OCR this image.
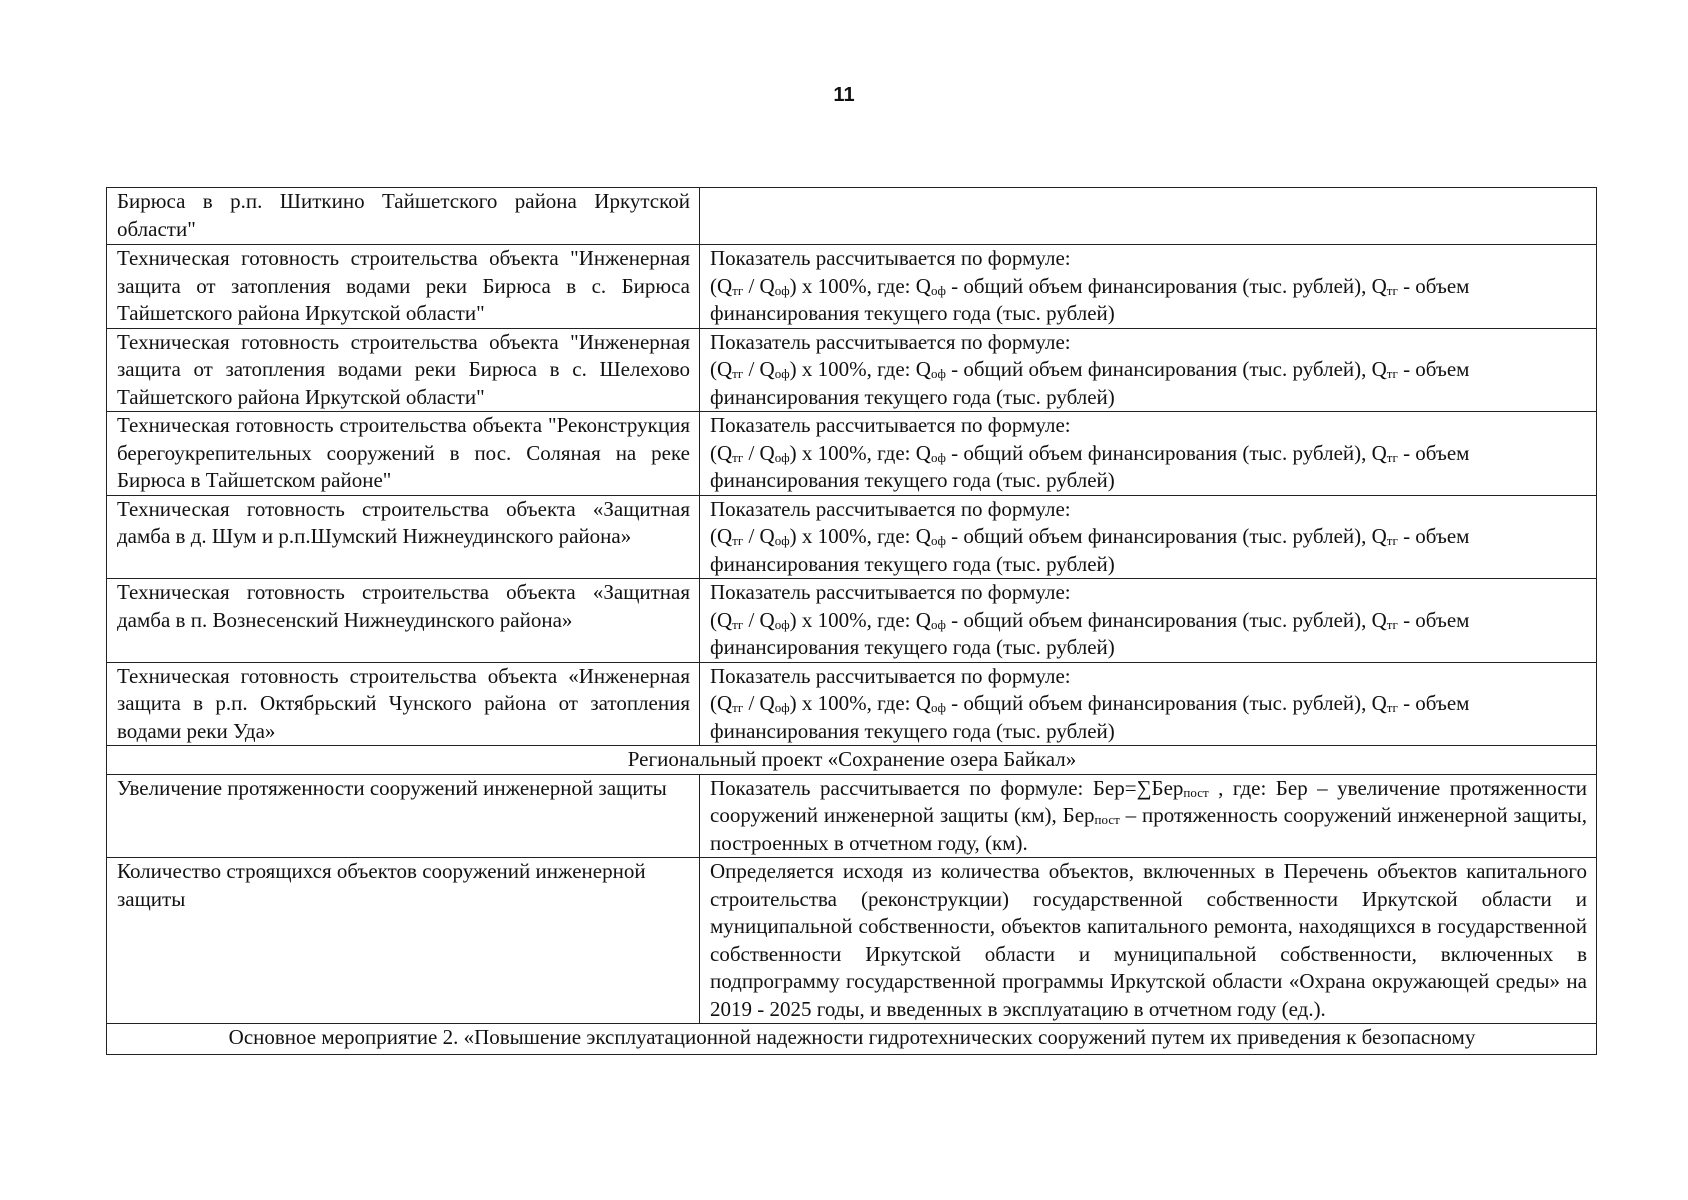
11
Бирюса в р.п. Шиткино Тайшетского района Иркутской области"	
Техническая готовность строительства объекта "Инженерная защита от затопления водами реки Бирюса в с. Бирюса Тайшетского района Иркутской области"	Показатель рассчитывается по формуле:
(Qтг / Qоф) x 100%, где: Qоф - общий объем финансирования (тыс. рублей), Qтг - объем финансирования текущего года (тыс. рублей)

Техническая готовность строительства объекта "Инженерная защита от затопления водами реки Бирюса в с. Шелехово Тайшетского района Иркутской области"	Показатель рассчитывается по формуле:
(Qтг / Qоф) x 100%, где: Qоф - общий объем финансирования (тыс. рублей), Qтг - объем финансирования текущего года (тыс. рублей)

Техническая готовность строительства объекта "Реконструкция берегоукрепительных сооружений в пос. Соляная на реке Бирюса в Тайшетском районе"	Показатель рассчитывается по формуле:
(Qтг / Qоф) x 100%, где: Qоф - общий объем финансирования (тыс. рублей), Qтг - объем финансирования текущего года (тыс. рублей)

Техническая готовность строительства объекта «Защитная дамба в д. Шум и р.п.Шумский Нижнеудинского района»	Показатель рассчитывается по формуле:
(Qтг / Qоф) x 100%, где: Qоф - общий объем финансирования (тыс. рублей), Qтг - объем финансирования текущего года (тыс. рублей)

Техническая готовность строительства объекта «Защитная дамба в п. Вознесенский Нижнеудинского района»	Показатель рассчитывается по формуле:
(Qтг / Qоф) x 100%, где: Qоф - общий объем финансирования (тыс. рублей), Qтг - объем финансирования текущего года (тыс. рублей)

Техническая готовность строительства объекта «Инженерная защита в р.п. Октябрьский Чунского района от затопления водами реки Уда»	Показатель рассчитывается по формуле:
(Qтг / Qоф) x 100%, где: Qоф - общий объем финансирования (тыс. рублей), Qтг - объем финансирования текущего года (тыс. рублей)

Региональный проект «Сохранение озера Байкал»	
Увеличение протяженности сооружений инженерной защиты	Показатель рассчитывается по формуле: Бер=∑Берпост , где: Бер – увеличение протяженности сооружений инженерной защиты (км), Берпост – протяженность сооружений инженерной защиты, построенных в отчетном году, (км).
Количество строящихся объектов сооружений инженерной защиты	Определяется исходя из количества объектов, включенных в Перечень объектов капитального строительства (реконструкции) государственной собственности Иркутской области и муниципальной собственности, объектов капитального ремонта, находящихся в государственной собственности Иркутской области и муниципальной собственности, включенных в подпрограмму государственной программы Иркутской области «Охрана окружающей среды» на 2019 - 2025 годы, и введенных в эксплуатацию в отчетном году (ед.).
Основное мероприятие 2. «Повышение эксплуатационной надежности гидротехнических сооружений путем их приведения к безопасному	
